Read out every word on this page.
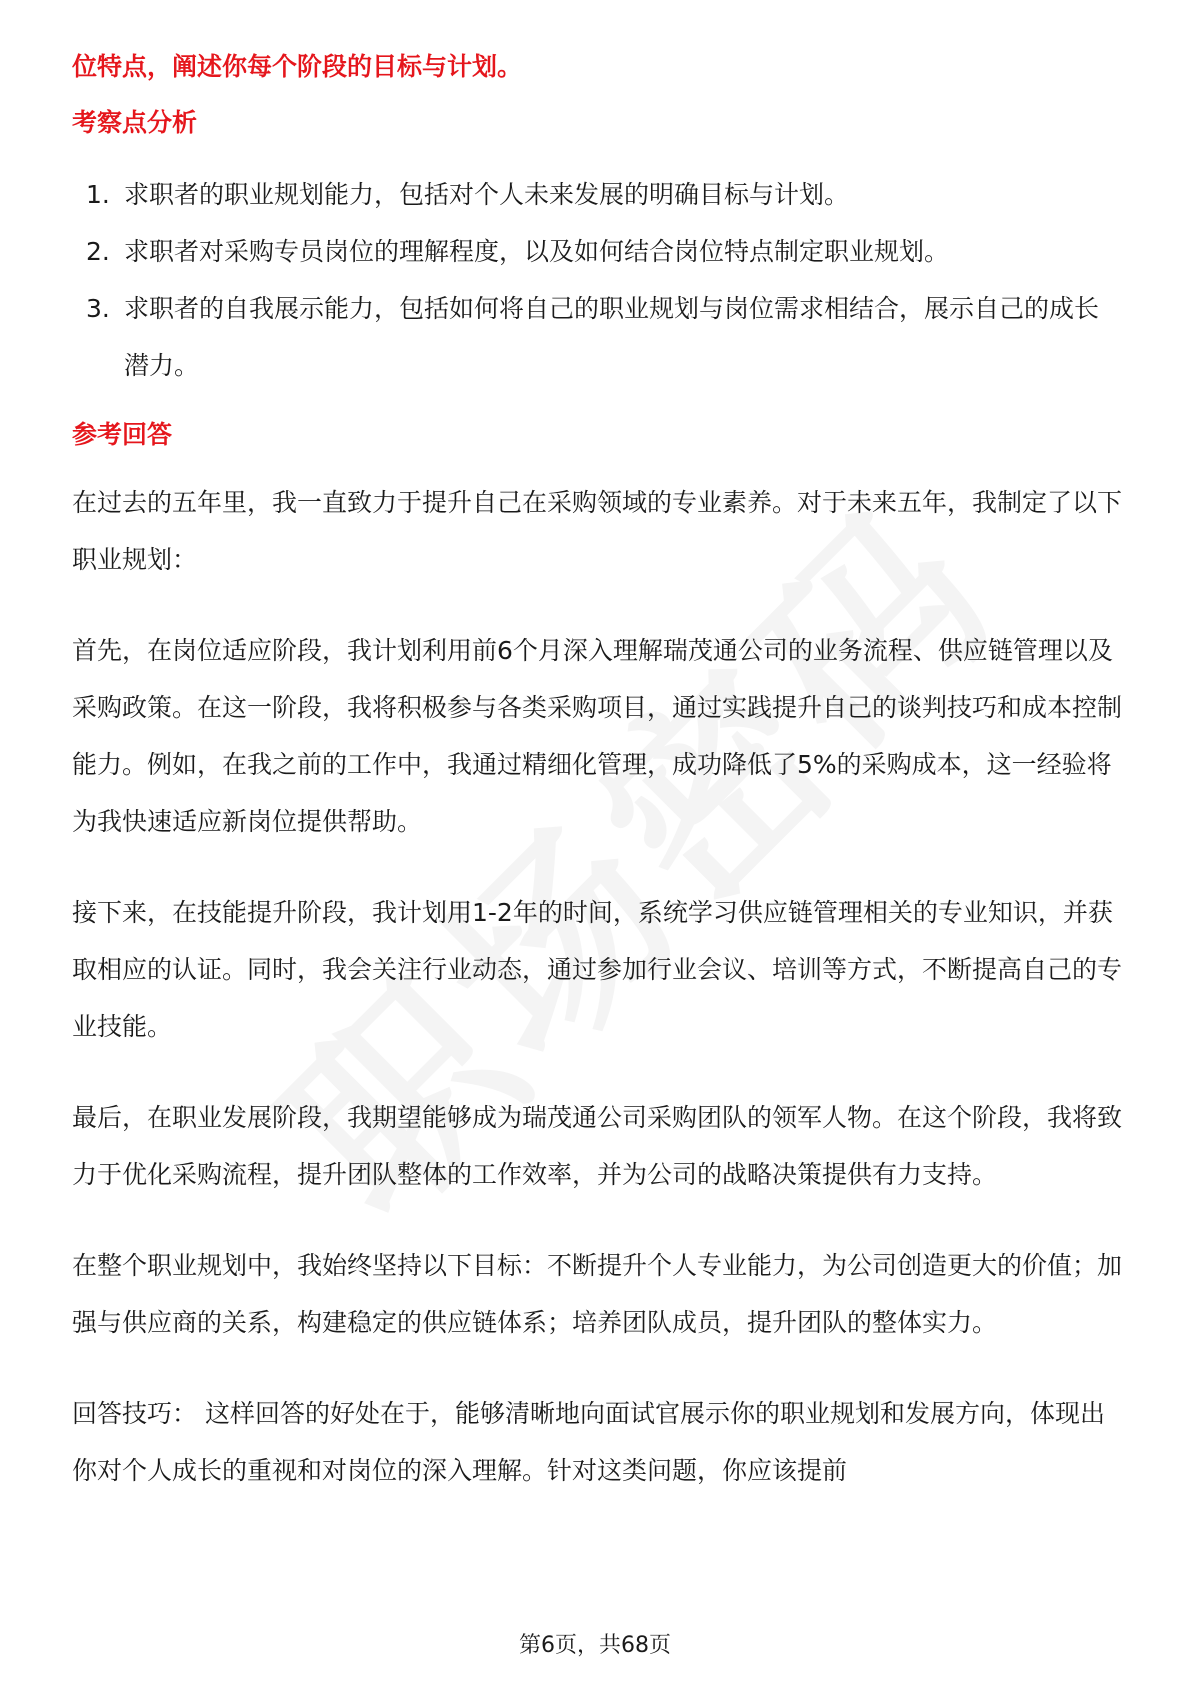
位特点，阐述你每个阶段的目标与计划。

考察点分析
1. 求职者的职业规划能力，包括对个人未来发展的明确目标与计划。
2. 求职者对采购专员岗位的理解程度，以及如何结合岗位特点制定职业规划。
3. 求职者的自我展示能力，包括如何将自己的职业规划与岗位需求相结合，展示自己的成长潜力。
参考回答

在过去的五年里，我一直致力于提升自己在采购领域的专业素养。对于未来五年，我制定了以下职业规划：

首先，在岗位适应阶段，我计划利用前6个月深入理解瑞茂通公司的业务流程、供应链管理以及采购政策。在这一阶段，我将积极参与各类采购项目，通过实践提升自己的谈判技巧和成本控制能力。例如，在我之前的工作中，我通过精细化管理，成功降低了5%的采购成本，这一经验将为我快速适应新岗位提供帮助。

接下来，在技能提升阶段，我计划用1-2年的时间，系统学习供应链管理相关的专业知识，并获取相应的认证。同时，我会关注行业动态，通过参加行业会议、培训等方式，不断提高自己的专业技能。

最后，在职业发展阶段，我期望能够成为瑞茂通公司采购团队的领军人物。在这个阶段，我将致力于优化采购流程，提升团队整体的工作效率，并为公司的战略决策提供有力支持。

在整个职业规划中，我始终坚持以下目标：不断提升个人专业能力，为公司创造更大的价值；加强与供应商的关系，构建稳定的供应链体系；培养团队成员，提升团队的整体实力。

回答技巧： 这样回答的好处在于，能够清晰地向面试官展示你的职业规划和发展方向，体现出你对个人成长的重视和对岗位的深入理解。针对这类问题，你应该提前

第6页，共68页
